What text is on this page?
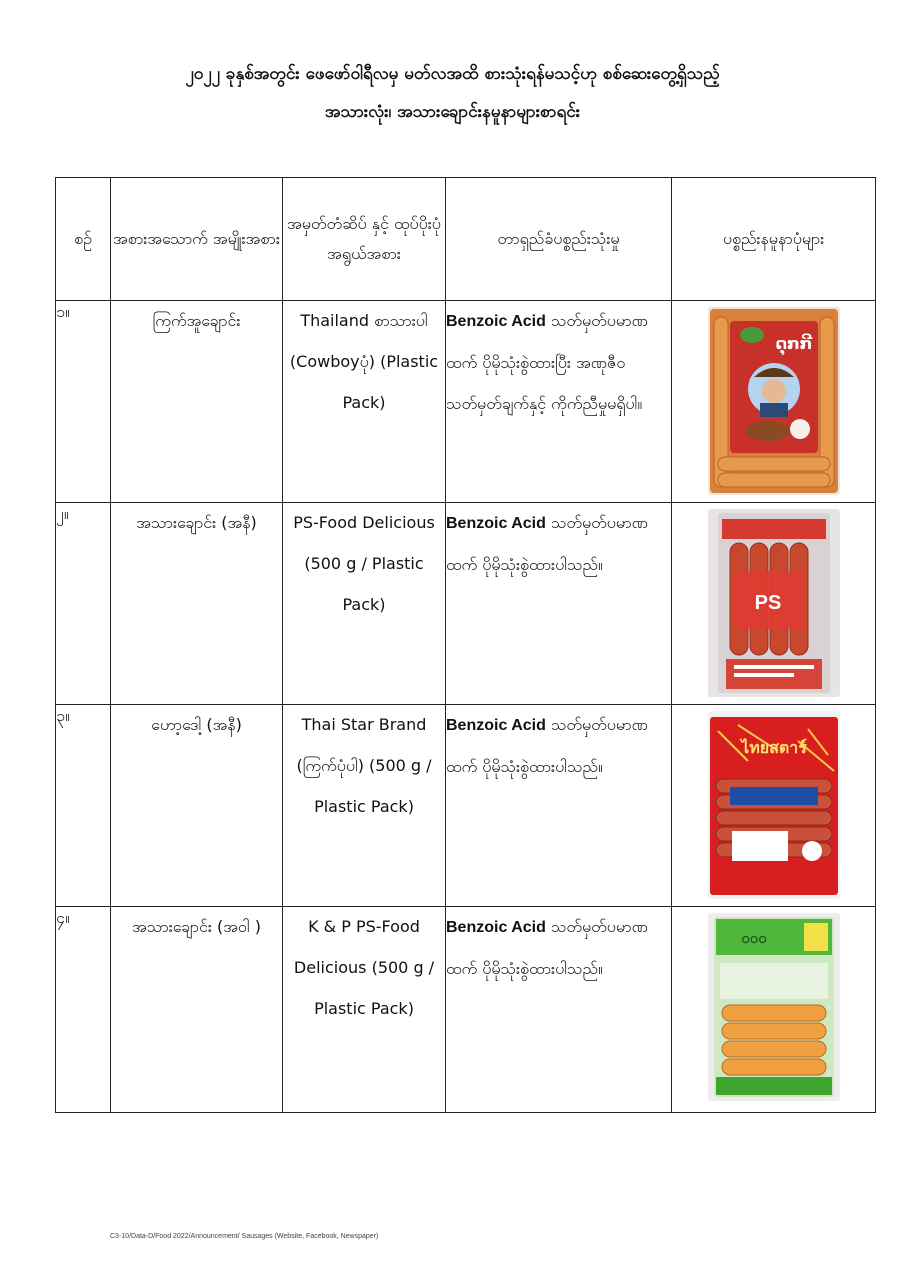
၂၀၂၂ ခုနှစ်အတွင်း ဖေဖော်ဝါရီလမှ မတ်လအထိ စားသုံးရန်မသင့်ဟု စစ်ဆေးတွေ့ရှိသည့်
အသားလုံး၊ အသားချောင်းနမူနာများစာရင်း
စဉ်	အစားအသောက် အမျိုးအစား	အမှတ်တံဆိပ် နှင့် ထုပ်ပိုးပုံ အရွယ်အစား	တာရှည်ခံပစ္စည်းသုံးမှု	ပစ္စည်းနမူနာပုံများ
၁။	ကြက်အူချောင်း	Thailand စာသားပါ (Cowboyပုံ) (Plastic Pack)	Benzoic Acid သတ်မှတ်ပမာဏထက် ပိုမိုသုံးစွဲထားပြီး အဏုဇီဝသတ်မှတ်ချက်နှင့် ကိုက်ညီမှုမရှိပါ။	ດຸກກີ

၂။	အသားချောင်း (အနီ)	PS-Food Delicious (500 g / Plastic Pack)	Benzoic Acid သတ်မှတ်ပမာဏထက် ပိုမိုသုံးစွဲထားပါသည်။	PS

၃။	ဟော့ဒေါ့ (အနီ)	Thai Star Brand (ကြက်ပုံပါ) (500 g / Plastic Pack)	Benzoic Acid သတ်မှတ်ပမာဏထက် ပိုမိုသုံးစွဲထားပါသည်။	ไทยสตาร์

၄။	အသားချောင်း (အဝါ )	K & P PS-Food Delicious (500 g / Plastic Pack)	Benzoic Acid သတ်မှတ်ပမာဏထက် ပိုမိုသုံးစွဲထားပါသည်။	ဝဝဝ
C3-10/Data-D/Food 2022/Announcement/ Sausages (Website, Facebook, Newspaper)
